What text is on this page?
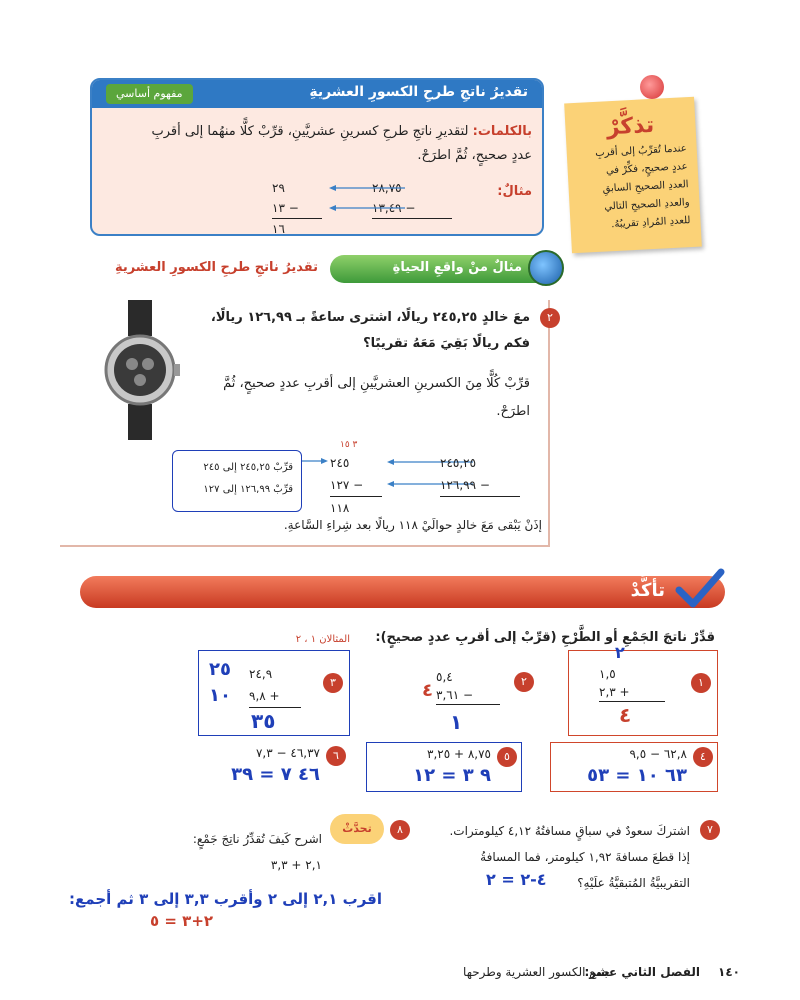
تقديرُ ناتجِ طرحِ الكسورِ العشريةِ
مفهوم أساسي
بالكلمات: لتقديرِ ناتجِ طرحِ كسرينِ عشريَّينِ، قرِّبْ كلًّا منهُما إلى أقربِ
عددٍ صحيحٍ، ثُمَّ اطرَحْ.
مثالٌ:
٢٨,٧٥
١٣,٤٩ −
٢٩
١٣ −
١٦
تذكَّرْ
عندما تُقرِّبُ إلى أقربِ
عددٍ صحيحٍ، فكِّرْ في
العددِ الصحيحِ السابقِ
والعددِ الصحيحِ التالي
للعددِ المُرادِ تقريبُهُ.
مثالٌ منْ واقعِ الحياةِ
تقديرُ ناتجِ طرحِ الكسورِ العشريةِ
٢
معَ خالدٍ ٢٤٥,٢٥ ريالًا، اشترى ساعةً بـ ١٢٦,٩٩ ريالًا،
فكم ريالًا بَقِيَ مَعَهُ تقريبًا؟
قرِّبْ كُلًّا مِنَ الكسرينِ العشريَّينِ إلى أقربِ عددٍ صحيحٍ، ثُمَّ
اطرَحْ.
قرِّبْ ٢٤٥,٢٥ إلى ٢٤٥
قرِّبْ ١٢٦,٩٩ إلى ١٢٧
٣ ١٥
٢٤٥
١٢٧ −
١١٨
٢٤٥,٢٥
١٢٦,٩٩ −
إذَنْ يَبْقى مَعَ خالدٍ حوالَيْ ١١٨ ريالًا بعد شِراءِ السَّاعةِ.
تأكَّدْ
قدِّرْ ناتجَ الجَمْعِ أو الطَّرْحِ (قرِّبْ إلى أقربِ عددٍ صحيحٍ):
المثالان ١ ، ٢
١
٢
١,٥
٢,٣ +
٤
٢
٤
٥,٤
٣,٦١ −
١
٣
٢٥
١٠
٢٤,٩
٩,٨ +
٣٥
٤
٦٢,٨ − ٩,٥
٦٣ ١٠ = ٥٣
٥
٨,٧٥ + ٣,٢٥
٩ ٣ = ١٢
٦
٤٦,٣٧ − ٧,٣
٤٦ ٧ = ٣٩
٧
اشتركَ سعودٌ في سباقٍ مسافتُهُ ٤,١٢ كيلومترات.
إذا قطعَ مسافةَ ١,٩٢ كيلومتر، فما المسافةُ
التقريبيَّةُ المُتبقيَّةُ علَيْهِ؟
٤-٢ = ٢
٨
تحدَّثْ
اشرح كَيفَ تُقدِّرُ ناتِجَ جَمْعٍ:
٢,١ + ٣,٣
اقرب ٢,١ إلى ٢ وأقرب ٣,٣ إلى ٣ ثم أجمع:
٢+٣ = ٥
١٤٠
الفصل الثاني عشر:
جمع الكسور العشرية وطرحها
